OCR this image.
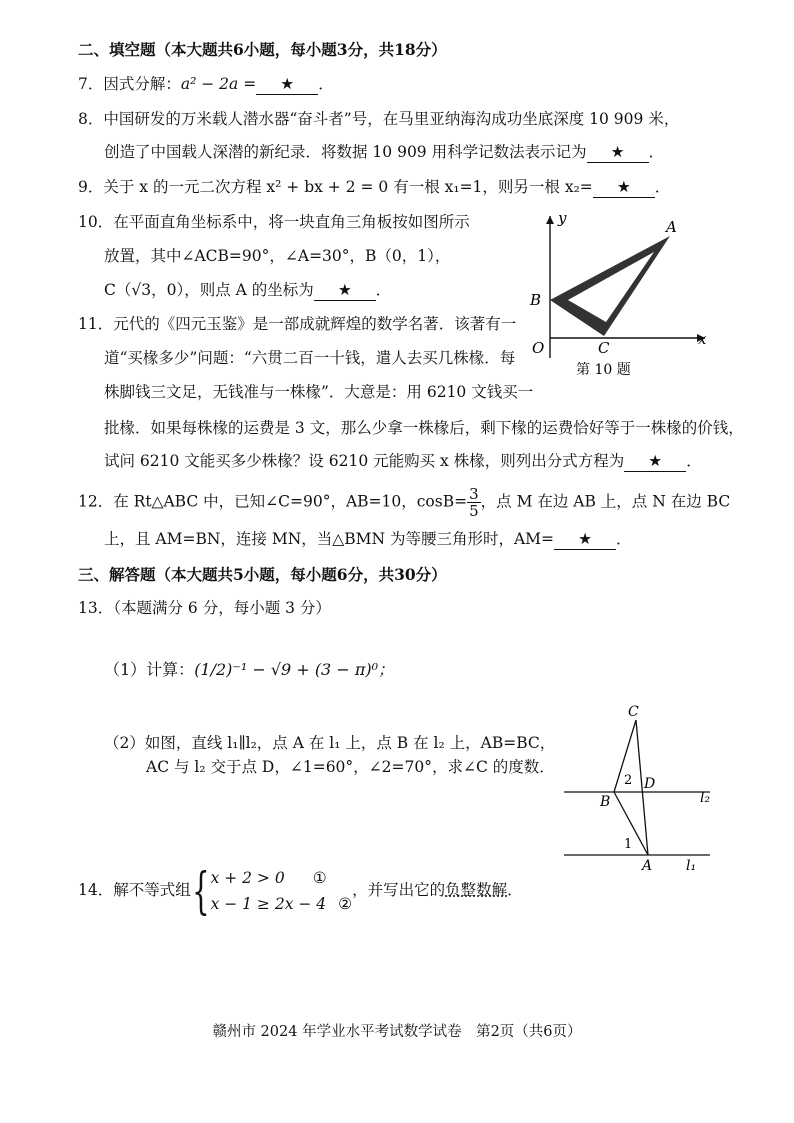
二、填空题（本大题共6小题，每小题3分，共18分）
7．因式分解：a² − 2a = ★ ．
8．中国研发的万米载人潜水器“奋斗者”号，在马里亚纳海沟成功坐底深度 10 909 米，
创造了中国载人深潜的新纪录．将数据 10 909 用科学记数法表示记为 ★ ．
9．关于 x 的一元二次方程 x² + bx + 2 = 0 有一根 x₁=1，则另一根 x₂= ★ ．
10．在平面直角坐标系中，将一块直角三角板按如图所示
放置，其中∠ACB=90°，∠A=30°，B（0，1），
C（√3，0），则点 A 的坐标为 ★ ．
y
x
O
A
B
C
第 10 题
11．元代的《四元玉鉴》是一部成就辉煌的数学名著．该著有一
道“买椽多少”问题：“六贯二百一十钱，遣人去买几株椽．每
株脚钱三文足，无钱准与一株椽”．大意是：用 6210 文钱买一
批椽．如果每株椽的运费是 3 文，那么少拿一株椽后，剩下椽的运费恰好等于一株椽的价钱，
试问 6210 文能买多少株椽？设 6210 元能购买 x 株椽，则列出分式方程为 ★ ．
12．在 Rt△ABC 中，已知∠C=90°，AB=10，$\cos B= \frac{3}{5}$ ，点 M 在边 AB 上，点 N 在边 BC
上，且 AM=BN，连接 MN，当△BMN 为等腰三角形时，AM= ★ ．
三、解答题（本大题共5小题，每小题6分，共30分）
13．（本题满分 6 分，每小题 3 分）
（1）计算：(1/2)⁻¹ − √9 + (3 − π)⁰；
（2）如图，直线 l₁∥l₂，点 A 在 l₁ 上，点 B 在 l₂ 上，AB=BC，
AC 与 l₂ 交于点 D，∠1=60°，∠2=70°，求∠C 的度数．
C
2 D
B	l₂
1
A l₁
14．解不等式组{ x + 2 > 0 ①
x − 1 ≥ 2x − 4 ②
，并写出它的负整数解．
赣州市 2024 年学业水平考试数学试卷　第2页（共6页）
